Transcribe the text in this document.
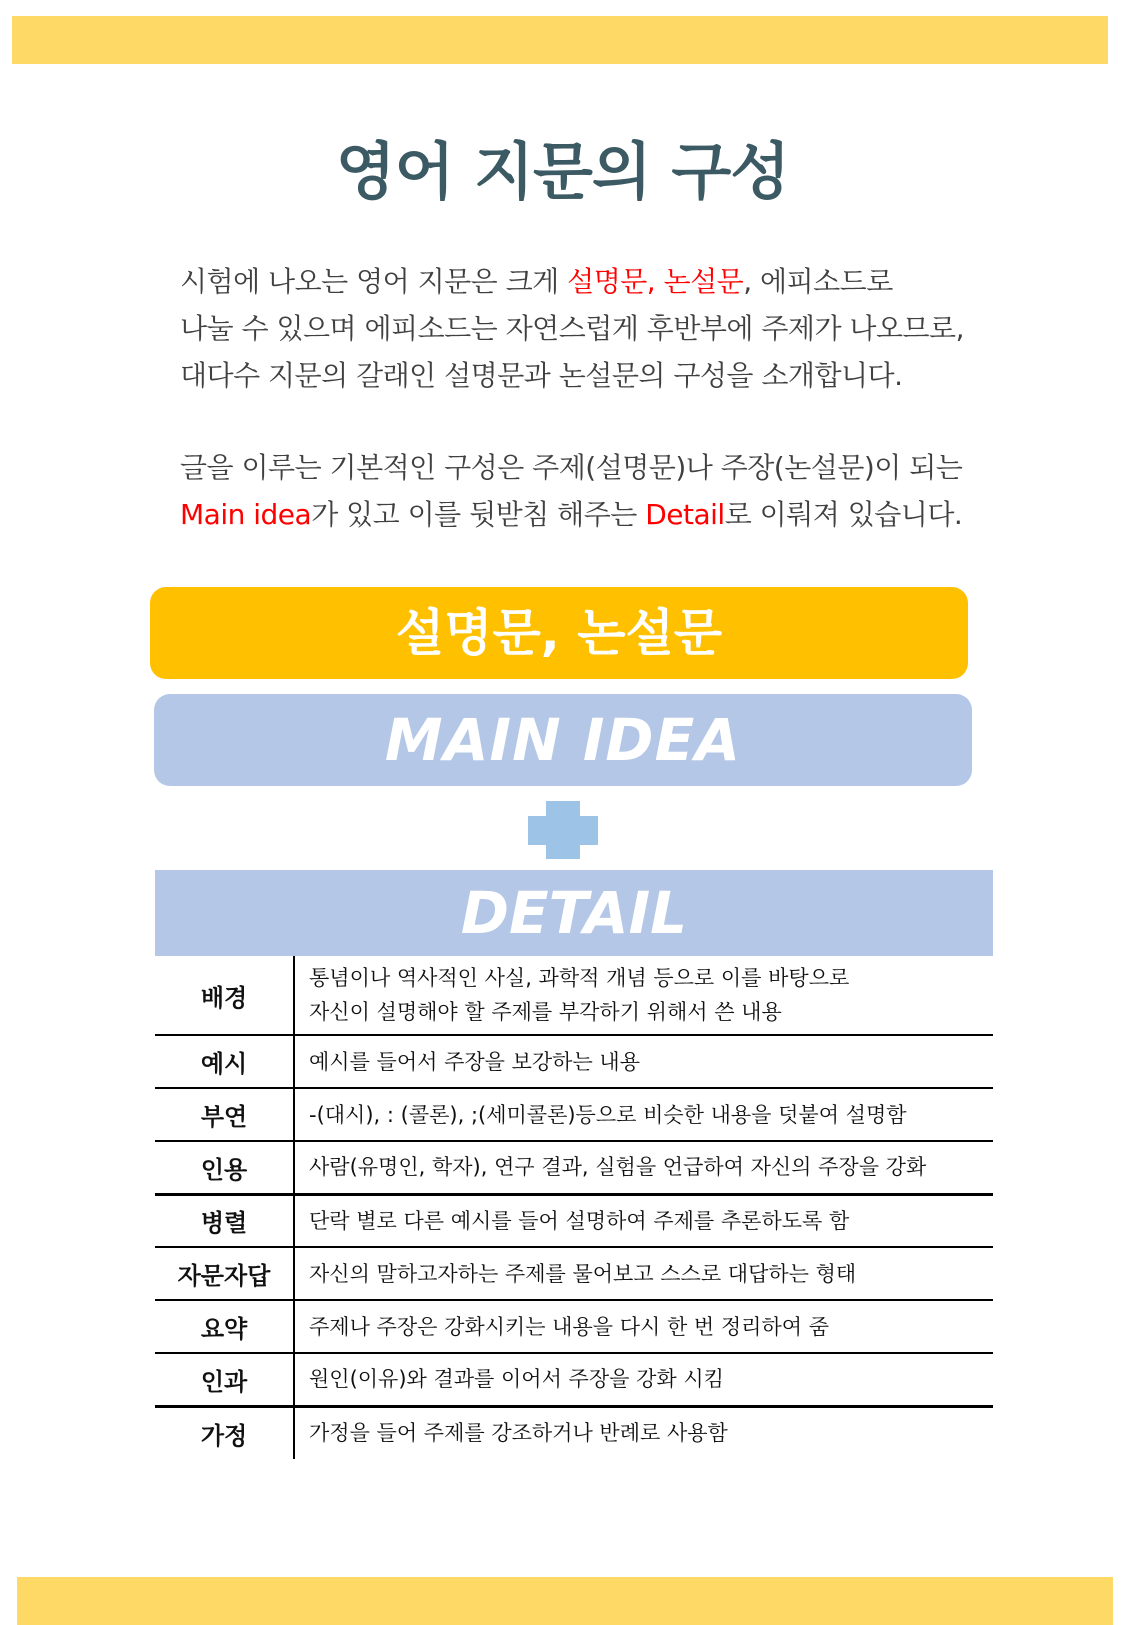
영어 지문의 구성
시험에 나오는 영어 지문은 크게 설명문, 논설문, 에피소드로
나눌 수 있으며 에피소드는 자연스럽게 후반부에 주제가 나오므로,
대다수 지문의 갈래인 설명문과 논설문의 구성을 소개합니다.
글을 이루는 기본적인 구성은 주제(설명문)나 주장(논설문)이 되는
Main idea가 있고 이를 뒷받침 해주는 Detail로 이뤄져 있습니다.
설명문, 논설문
MAIN IDEA
DETAIL
배경	통념이나 역사적인 사실, 과학적 개념 등으로 이를 바탕으로
자신이 설명해야 할 주제를 부각하기 위해서 쓴 내용

예시	예시를 들어서 주장을 보강하는 내용
부연	-(대시), : (콜론), ;(세미콜론)등으로 비슷한 내용을 덧붙여 설명함
인용	사람(유명인, 학자), 연구 결과, 실험을 언급하여 자신의 주장을 강화
병렬	단락 별로 다른 예시를 들어 설명하여 주제를 추론하도록 함
자문자답	자신의 말하고자하는 주제를 물어보고 스스로 대답하는 형태
요약	주제나 주장은 강화시키는 내용을 다시 한 번 정리하여 줌
인과	원인(이유)와 결과를 이어서 주장을 강화 시킴
가정	가정을 들어 주제를 강조하거나 반례로 사용함
